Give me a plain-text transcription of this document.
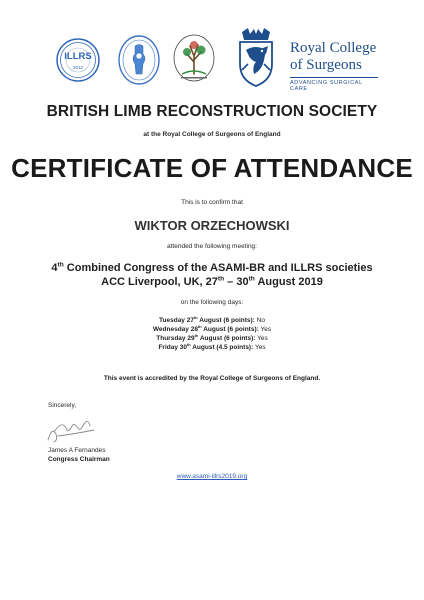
ILLRS
2012
Royal College
of Surgeons
ADVANCING SURGICAL CARE
BRITISH LIMB RECONSTRUCTION SOCIETY
at the Royal College of Surgeons of England
CERTIFICATE OF ATTENDANCE
This is to confirm that
WIKTOR ORZECHOWSKI
attended the following meeting:
4th Combined Congress of the ASAMI-BR and ILLRS societies
ACC Liverpool, UK, 27th – 30th August 2019
on the following days:
Tuesday 27th August (6 points): No
Wednesday 28th August (6 points): Yes
Thursday 29th August (6 points): Yes
Friday 30th August (4.5 points): Yes
This event is accredited by the Royal College of Surgeons of England.
Sincerely,
James A Fernandes
Congress Chairman
www.asami-illrs2019.org
